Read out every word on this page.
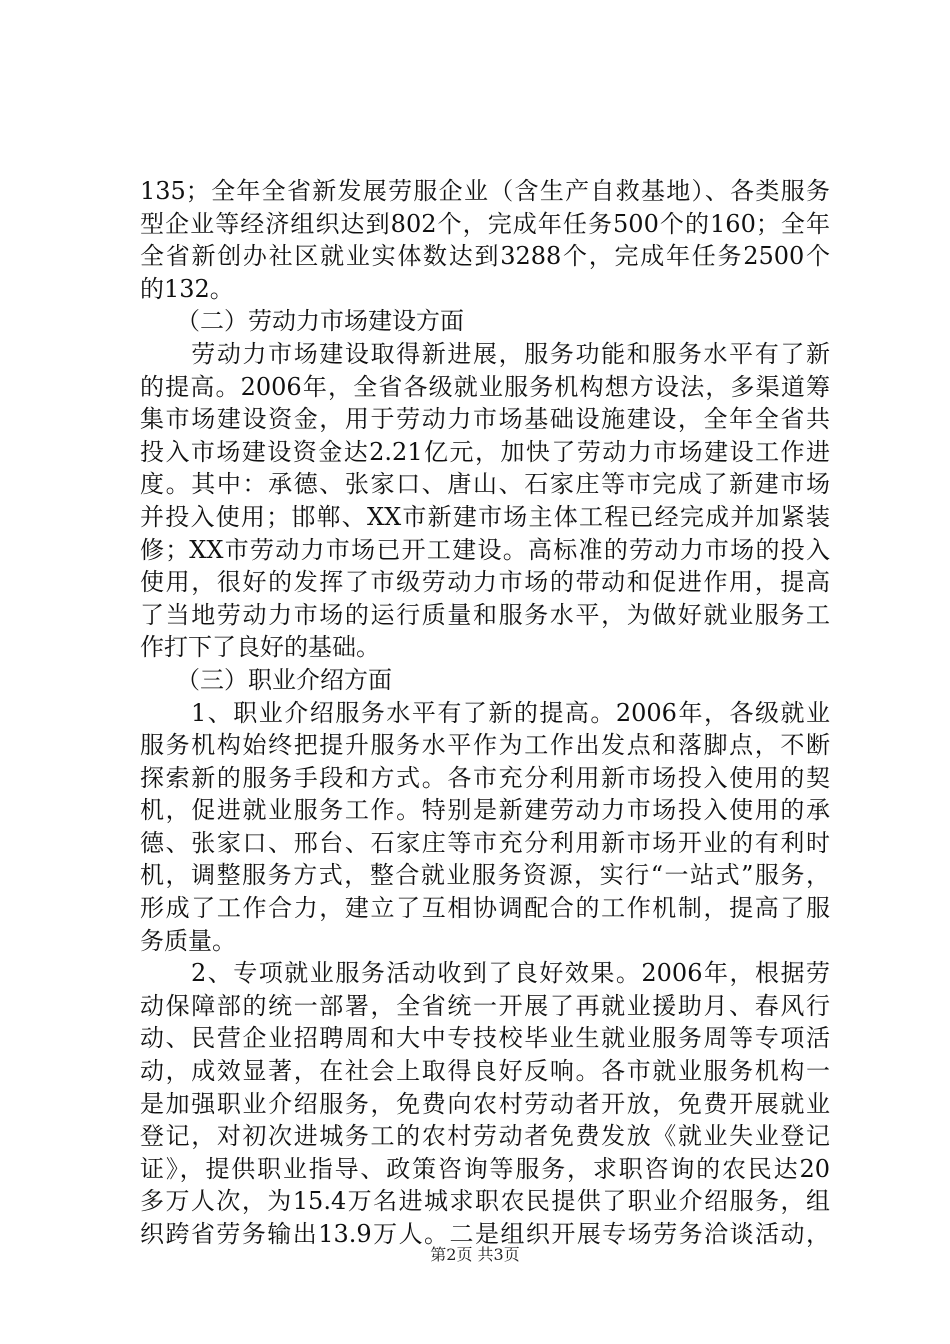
135；全年全省新发展劳服企业（含生产自救基地）、各类服务
型企业等经济组织达到802个，完成年任务500个的160；全年
全省新创办社区就业实体数达到3288个，完成年任务2500个
的132。
　　（二）劳动力市场建设方面
　　劳动力市场建设取得新进展，服务功能和服务水平有了新
的提高。2006年，全省各级就业服务机构想方设法，多渠道筹
集市场建设资金，用于劳动力市场基础设施建设，全年全省共
投入市场建设资金达2.21亿元，加快了劳动力市场建设工作进
度。其中：承德、张家口、唐山、石家庄等市完成了新建市场
并投入使用；邯郸、XX市新建市场主体工程已经完成并加紧装
修；XX市劳动力市场已开工建设。高标准的劳动力市场的投入
使用，很好的发挥了市级劳动力市场的带动和促进作用，提高
了当地劳动力市场的运行质量和服务水平，为做好就业服务工
作打下了良好的基础。
　　（三）职业介绍方面
　　1、职业介绍服务水平有了新的提高。2006年，各级就业
服务机构始终把提升服务水平作为工作出发点和落脚点，不断
探索新的服务手段和方式。各市充分利用新市场投入使用的契
机，促进就业服务工作。特别是新建劳动力市场投入使用的承
德、张家口、邢台、石家庄等市充分利用新市场开业的有利时
机，调整服务方式，整合就业服务资源，实行“一站式”服务，
形成了工作合力，建立了互相协调配合的工作机制，提高了服
务质量。
　　2、专项就业服务活动收到了良好效果。2006年，根据劳
动保障部的统一部署，全省统一开展了再就业援助月、春风行
动、民营企业招聘周和大中专技校毕业生就业服务周等专项活
动，成效显著，在社会上取得良好反响。各市就业服务机构一
是加强职业介绍服务，免费向农村劳动者开放，免费开展就业
登记，对初次进城务工的农村劳动者免费发放《就业失业登记
证》，提供职业指导、政策咨询等服务，求职咨询的农民达20
多万人次，为15.4万名进城求职农民提供了职业介绍服务，组
织跨省劳务输出13.9万人。二是组织开展专场劳务洽谈活动，
第2页 共3页
